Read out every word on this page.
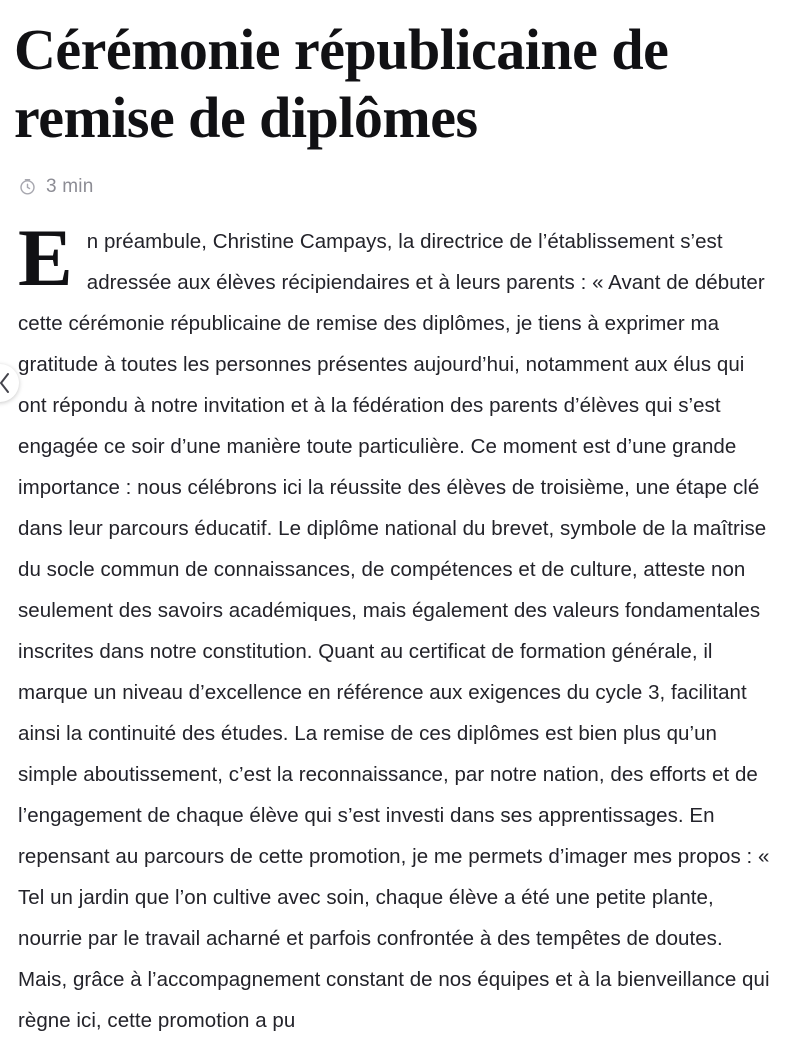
Cérémonie républicaine de remise de diplômes
3 min

En préambule, Christine Campays, la directrice de l’établissement s’est adressée aux élèves récipiendaires et à leurs parents : « Avant de débuter cette cérémonie républicaine de remise des diplômes, je tiens à exprimer ma gratitude à toutes les personnes présentes aujourd’hui, notamment aux élus qui ont répondu à notre invitation et à la fédération des parents d’élèves qui s’est engagée ce soir d’une manière toute particulière. Ce moment est d’une grande importance : nous célébrons ici la réussite des élèves de troisième, une étape clé dans leur parcours éducatif. Le diplôme national du brevet, symbole de la maîtrise du socle commun de connaissances, de compétences et de culture, atteste non seulement des savoirs académiques, mais également des valeurs fondamentales inscrites dans notre constitution. Quant au certificat de formation générale, il marque un niveau d’excellence en référence aux exigences du cycle 3, facilitant ainsi la continuité des études. La remise de ces diplômes est bien plus qu’un simple aboutissement, c’est la reconnaissance, par notre nation, des efforts et de l’engagement de chaque élève qui s’est investi dans ses apprentissages. En repensant au parcours de cette promotion, je me permets d’imager mes propos : « Tel un jardin que l’on cultive avec soin, chaque élève a été une petite plante, nourrie par le travail acharné et parfois confrontée à des tempêtes de doutes. Mais, grâce à l’accompagnement constant de nos équipes et à la bienveillance qui règne ici, cette promotion a pu
